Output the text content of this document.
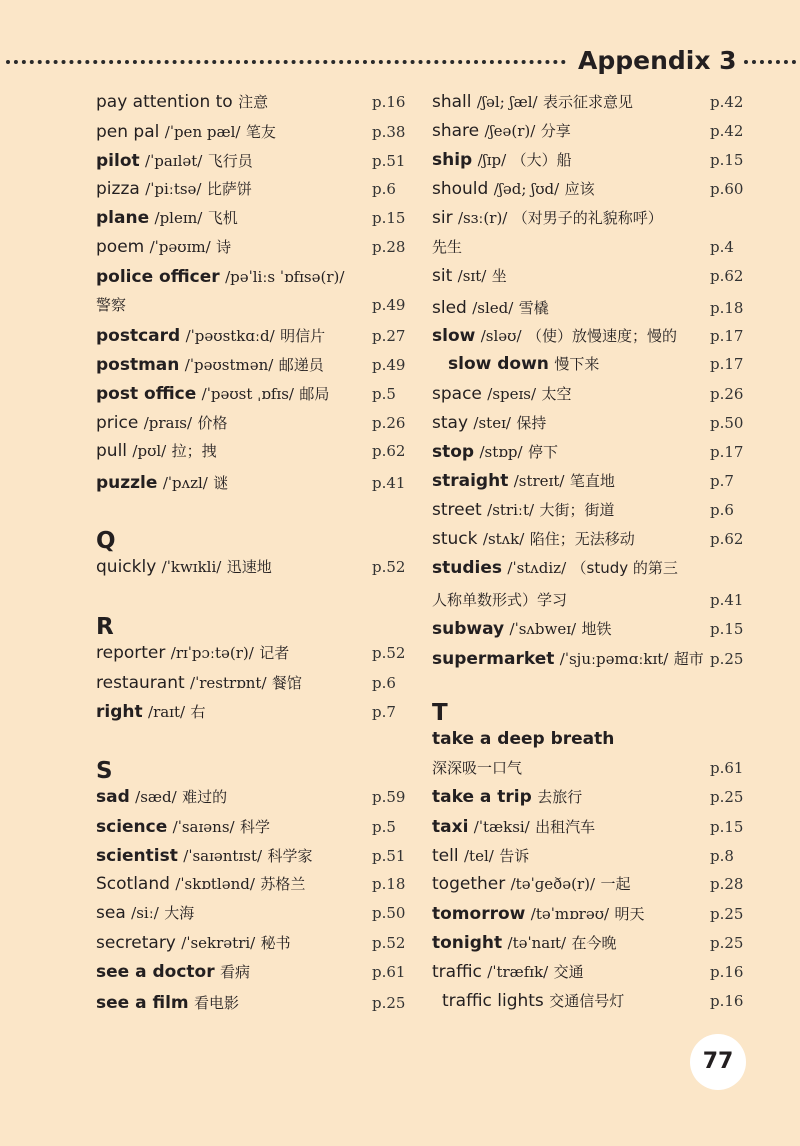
Appendix 3
pay attention to 注意	p.16
pen pal /ˈpen pæl/ 笔友	p.38
pilot /ˈpaɪlət/ 飞行员	p.51
pizza /ˈpiːtsə/ 比萨饼	p.6
plane /pleɪn/ 飞机	p.15
poem /ˈpəʊɪm/ 诗	p.28
police officer /pəˈliːs ˈɒfɪsə(r)/
警察	p.49
postcard /ˈpəʊstkɑːd/ 明信片	p.27
postman /ˈpəʊstmən/ 邮递员	p.49
post office /ˈpəʊst ˌɒfɪs/ 邮局	p.5
price /praɪs/ 价格	p.26
pull /pʊl/ 拉；拽	p.62
puzzle /ˈpʌzl/ 谜	p.41
Q
quickly /ˈkwɪkli/ 迅速地	p.52
R
reporter /rɪˈpɔːtə(r)/ 记者	p.52
restaurant /ˈrestrɒnt/ 餐馆	p.6
right /raɪt/ 右	p.7
S
sad /sæd/ 难过的	p.59
science /ˈsaɪəns/ 科学	p.5
scientist /ˈsaɪəntɪst/ 科学家	p.51
Scotland /ˈskɒtlənd/ 苏格兰	p.18
sea /siː/ 大海	p.50
secretary /ˈsekrətri/ 秘书	p.52
see a doctor 看病	p.61
see a film 看电影	p.25
shall /ʃəl; ʃæl/ 表示征求意见	p.42
share /ʃeə(r)/ 分享	p.42
ship /ʃɪp/ （大）船	p.15
should /ʃəd; ʃʊd/ 应该	p.60
sir /sɜː(r)/ （对男子的礼貌称呼）
先生	p.4
sit /sɪt/ 坐	p.62
sled /sled/ 雪橇	p.18
slow /sləʊ/ （使）放慢速度；慢的 p.17
slow down 慢下来	p.17
space /speɪs/ 太空	p.26
stay /steɪ/ 保持	p.50
stop /stɒp/ 停下	p.17
straight /streɪt/ 笔直地	p.7
street /striːt/ 大街；街道	p.6
stuck /stʌk/ 陷住；无法移动	p.62
studies /ˈstʌdiz/ （study 的第三
人称单数形式）学习	p.41
subway /ˈsʌbweɪ/ 地铁	p.15
supermarket /ˈsjuːpəmɑːkɪt/ 超市 p.25
T
take a deep breath
深深吸一口气	p.61
take a trip 去旅行	p.25
taxi /ˈtæksi/ 出租汽车	p.15
tell /tel/ 告诉	p.8
together /təˈɡeðə(r)/ 一起	p.28
tomorrow /təˈmɒrəʊ/ 明天	p.25
tonight /təˈnaɪt/ 在今晚	p.25
traffic /ˈtræfɪk/ 交通	p.16
traffic lights 交通信号灯	p.16
77
